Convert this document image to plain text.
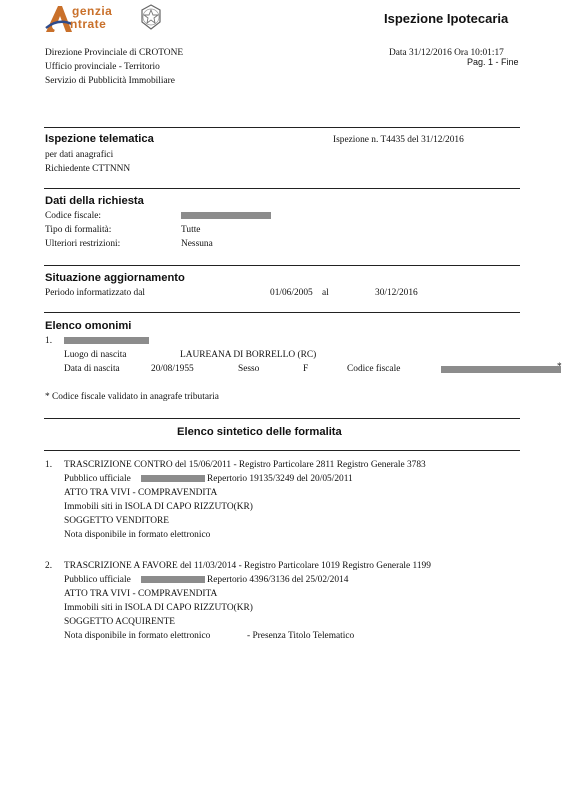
genzia
ntrate	Ispezione Ipotecaria
Direzione Provinciale di CROTONE
Ufficio provinciale - Territorio
Servizio di Pubblicità Immobiliare
Data 31/12/2016 Ora 10:01:17
Pag. 1 - Fine
Ispezione telematica	Ispezione n. T4435 del 31/12/2016
per dati anagrafici
Richiedente CTTNNN
Dati della richiesta
Codice fiscale:
Tipo di formalità:	Tutte
Ulteriori restrizioni:	Nessuna
Situazione aggiornamento
Periodo informatizzato dal	01/06/2005 al	30/12/2016
Elenco omonimi
1.
Luogo di nascita	LAUREANA DI BORRELLO (RC)
Data di nascita	20/08/1955	Sesso	F	Codice fiscale	*
* Codice fiscale validato in anagrafe tributaria
Elenco sintetico delle formalita
1. TRASCRIZIONE CONTRO del 15/06/2011 - Registro Particolare 2811 Registro Generale 3783
Pubblico ufficiale	Repertorio 19135/3249 del 20/05/2011
ATTO TRA VIVI - COMPRAVENDITA
Immobili siti in ISOLA DI CAPO RIZZUTO(KR)
SOGGETTO VENDITORE
Nota disponibile in formato elettronico
2. TRASCRIZIONE A FAVORE del 11/03/2014 - Registro Particolare 1019 Registro Generale 1199
Pubblico ufficiale	Repertorio 4396/3136 del 25/02/2014
ATTO TRA VIVI - COMPRAVENDITA
Immobili siti in ISOLA DI CAPO RIZZUTO(KR)
SOGGETTO ACQUIRENTE
Nota disponibile in formato elettronico	- Presenza Titolo Telematico
